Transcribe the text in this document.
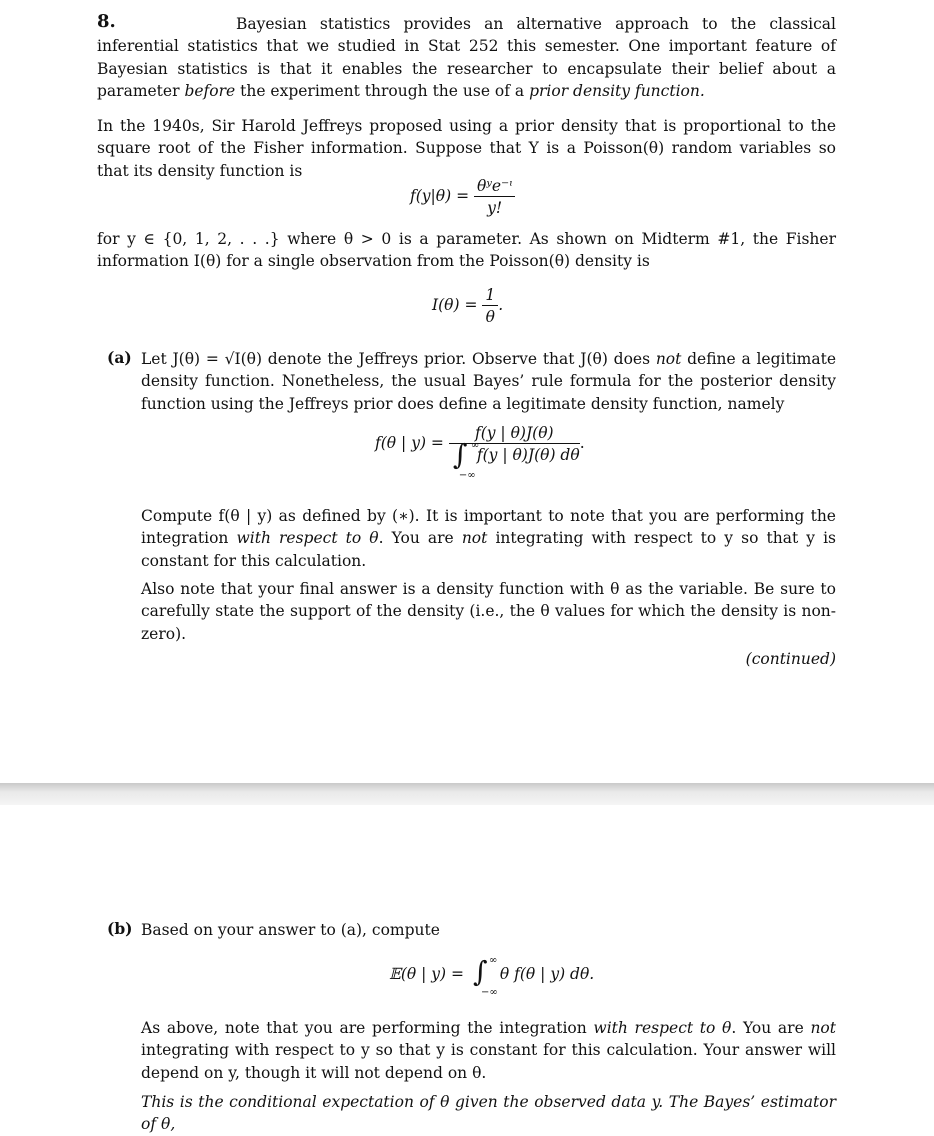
8.	Bayesian statistics provides an alternative approach to the classical inferential statistics that we studied in Stat 252 this semester. One important feature of Bayesian statistics is that it enables the researcher to encapsulate their belief about a parameter before the experiment through the use of a prior density function.

In the 1940s, Sir Harold Jeffreys proposed using a prior density that is proportional to the square root of the Fisher information. Suppose that Y is a Poisson(θ) random variables so that its density function is

$f(y|\theta) = \frac{\text{θʸe⁻ᶥ}}{y!}$

for y ∈ {0, 1, 2, . . .} where θ > 0 is a parameter. As shown on Midterm #1, the Fisher information I(θ) for a single observation from the Poisson(θ) density is

$I(\theta) = \frac{1}{\theta}$ .
(a) Let J(θ) = √I(θ) denote the Jeffreys prior. Observe that J(θ) does not define a legitimate density function. Nonetheless, the usual Bayes’ rule formula for the posterior density function using the Jeffreys prior does define a legitimate density function, namely

f(θ | y) = f(y | θ)J(θ)
∫ ∞
−∞
f(y | θ)J(θ) dθ .

Compute f(θ | y) as defined by (∗). It is important to note that you are performing the integration with respect to θ. You are not integrating with respect to y so that y is constant for this calculation.

Also note that your final answer is a density function with θ as the variable. Be sure to carefully state the support of the density (i.e., the θ values for which the density is non-zero).

(continued)
(b) Based on your answer to (a), compute

𝔼(θ | y) = ∫ ∞
−∞
θ f(θ | y) dθ.

As above, note that you are performing the integration with respect to θ. You are not integrating with respect to y so that y is constant for this calculation. Your answer will depend on y, though it will not depend on θ.

This is the conditional expectation of θ given the observed data y. The Bayes’ estimator of θ,
